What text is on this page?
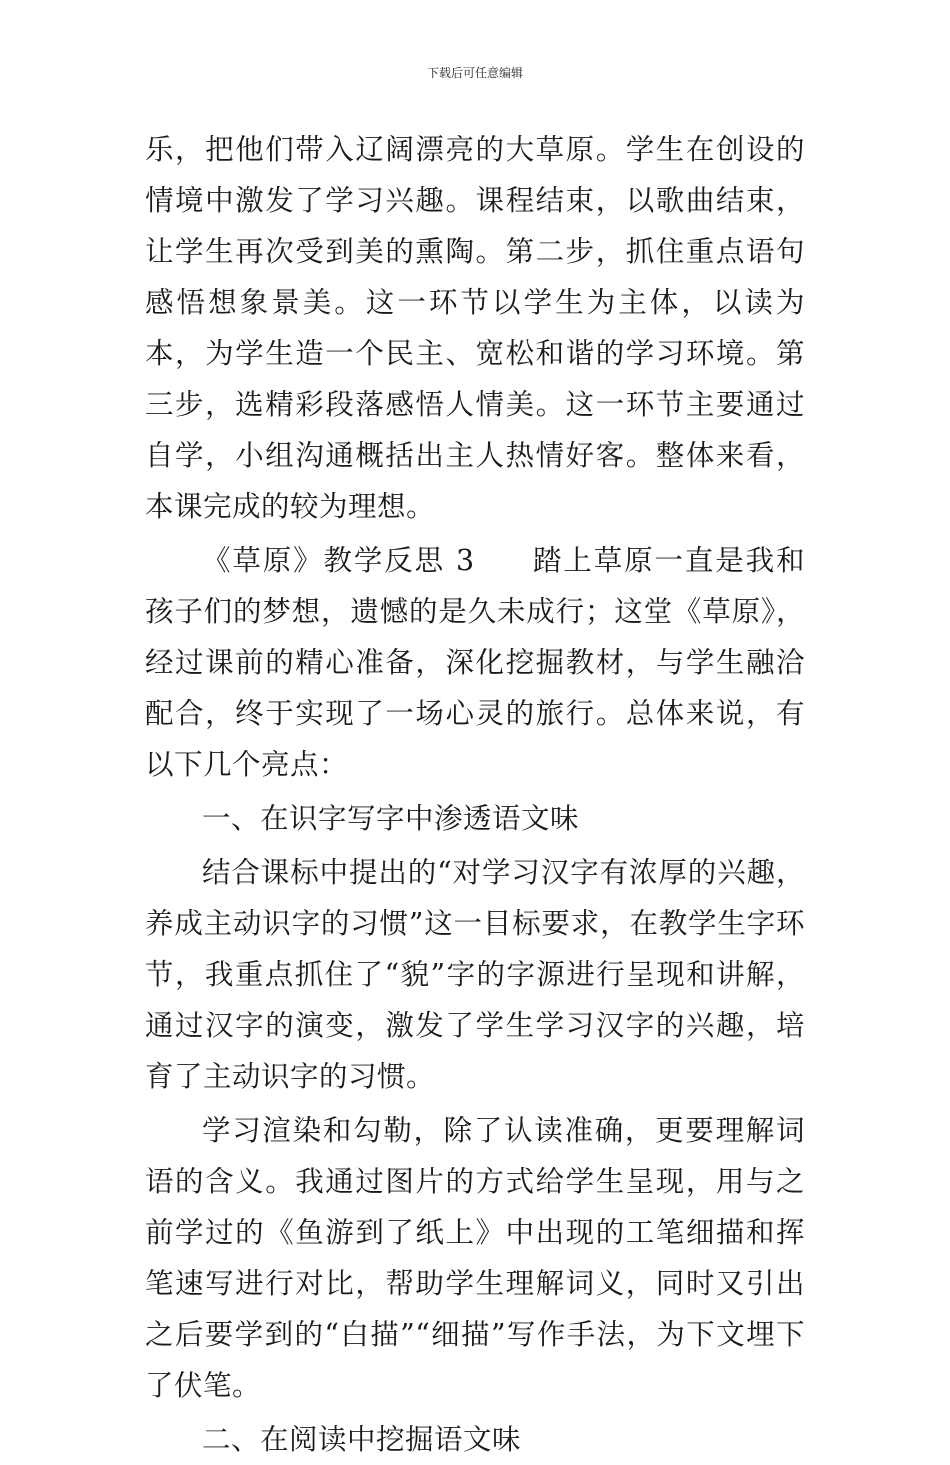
下载后可任意编辑

乐，把他们带入辽阔漂亮的大草原。学生在创设的情境中激发了学习兴趣。课程结束，以歌曲结束，让学生再次受到美的熏陶。第二步，抓住重点语句感悟想象景美。这一环节以学生为主体，以读为本，为学生造一个民主、宽松和谐的学习环境。第三步，选精彩段落感悟人情美。这一环节主要通过自学，小组沟通概括出主人热情好客。整体来看，本课完成的较为理想。

《草原》教学反思 3 踏上草原一直是我和孩子们的梦想，遗憾的是久未成行；这堂《草原》，经过课前的精心准备，深化挖掘教材，与学生融洽配合，终于实现了一场心灵的旅行。总体来说，有以下几个亮点：

一、在识字写字中渗透语文味

结合课标中提出的“对学习汉字有浓厚的兴趣，养成主动识字的习惯”这一目标要求，在教学生字环节，我重点抓住了“貌”字的字源进行呈现和讲解，通过汉字的演变，激发了学生学习汉字的兴趣，培育了主动识字的习惯。

学习渲染和勾勒，除了认读准确，更要理解词语的含义。我通过图片的方式给学生呈现，用与之前学过的《鱼游到了纸上》中出现的工笔细描和挥笔速写进行对比，帮助学生理解词义，同时又引出之后要学到的“白描”“细描”写作手法，为下文埋下了伏笔。

二、在阅读中挖掘语文味
